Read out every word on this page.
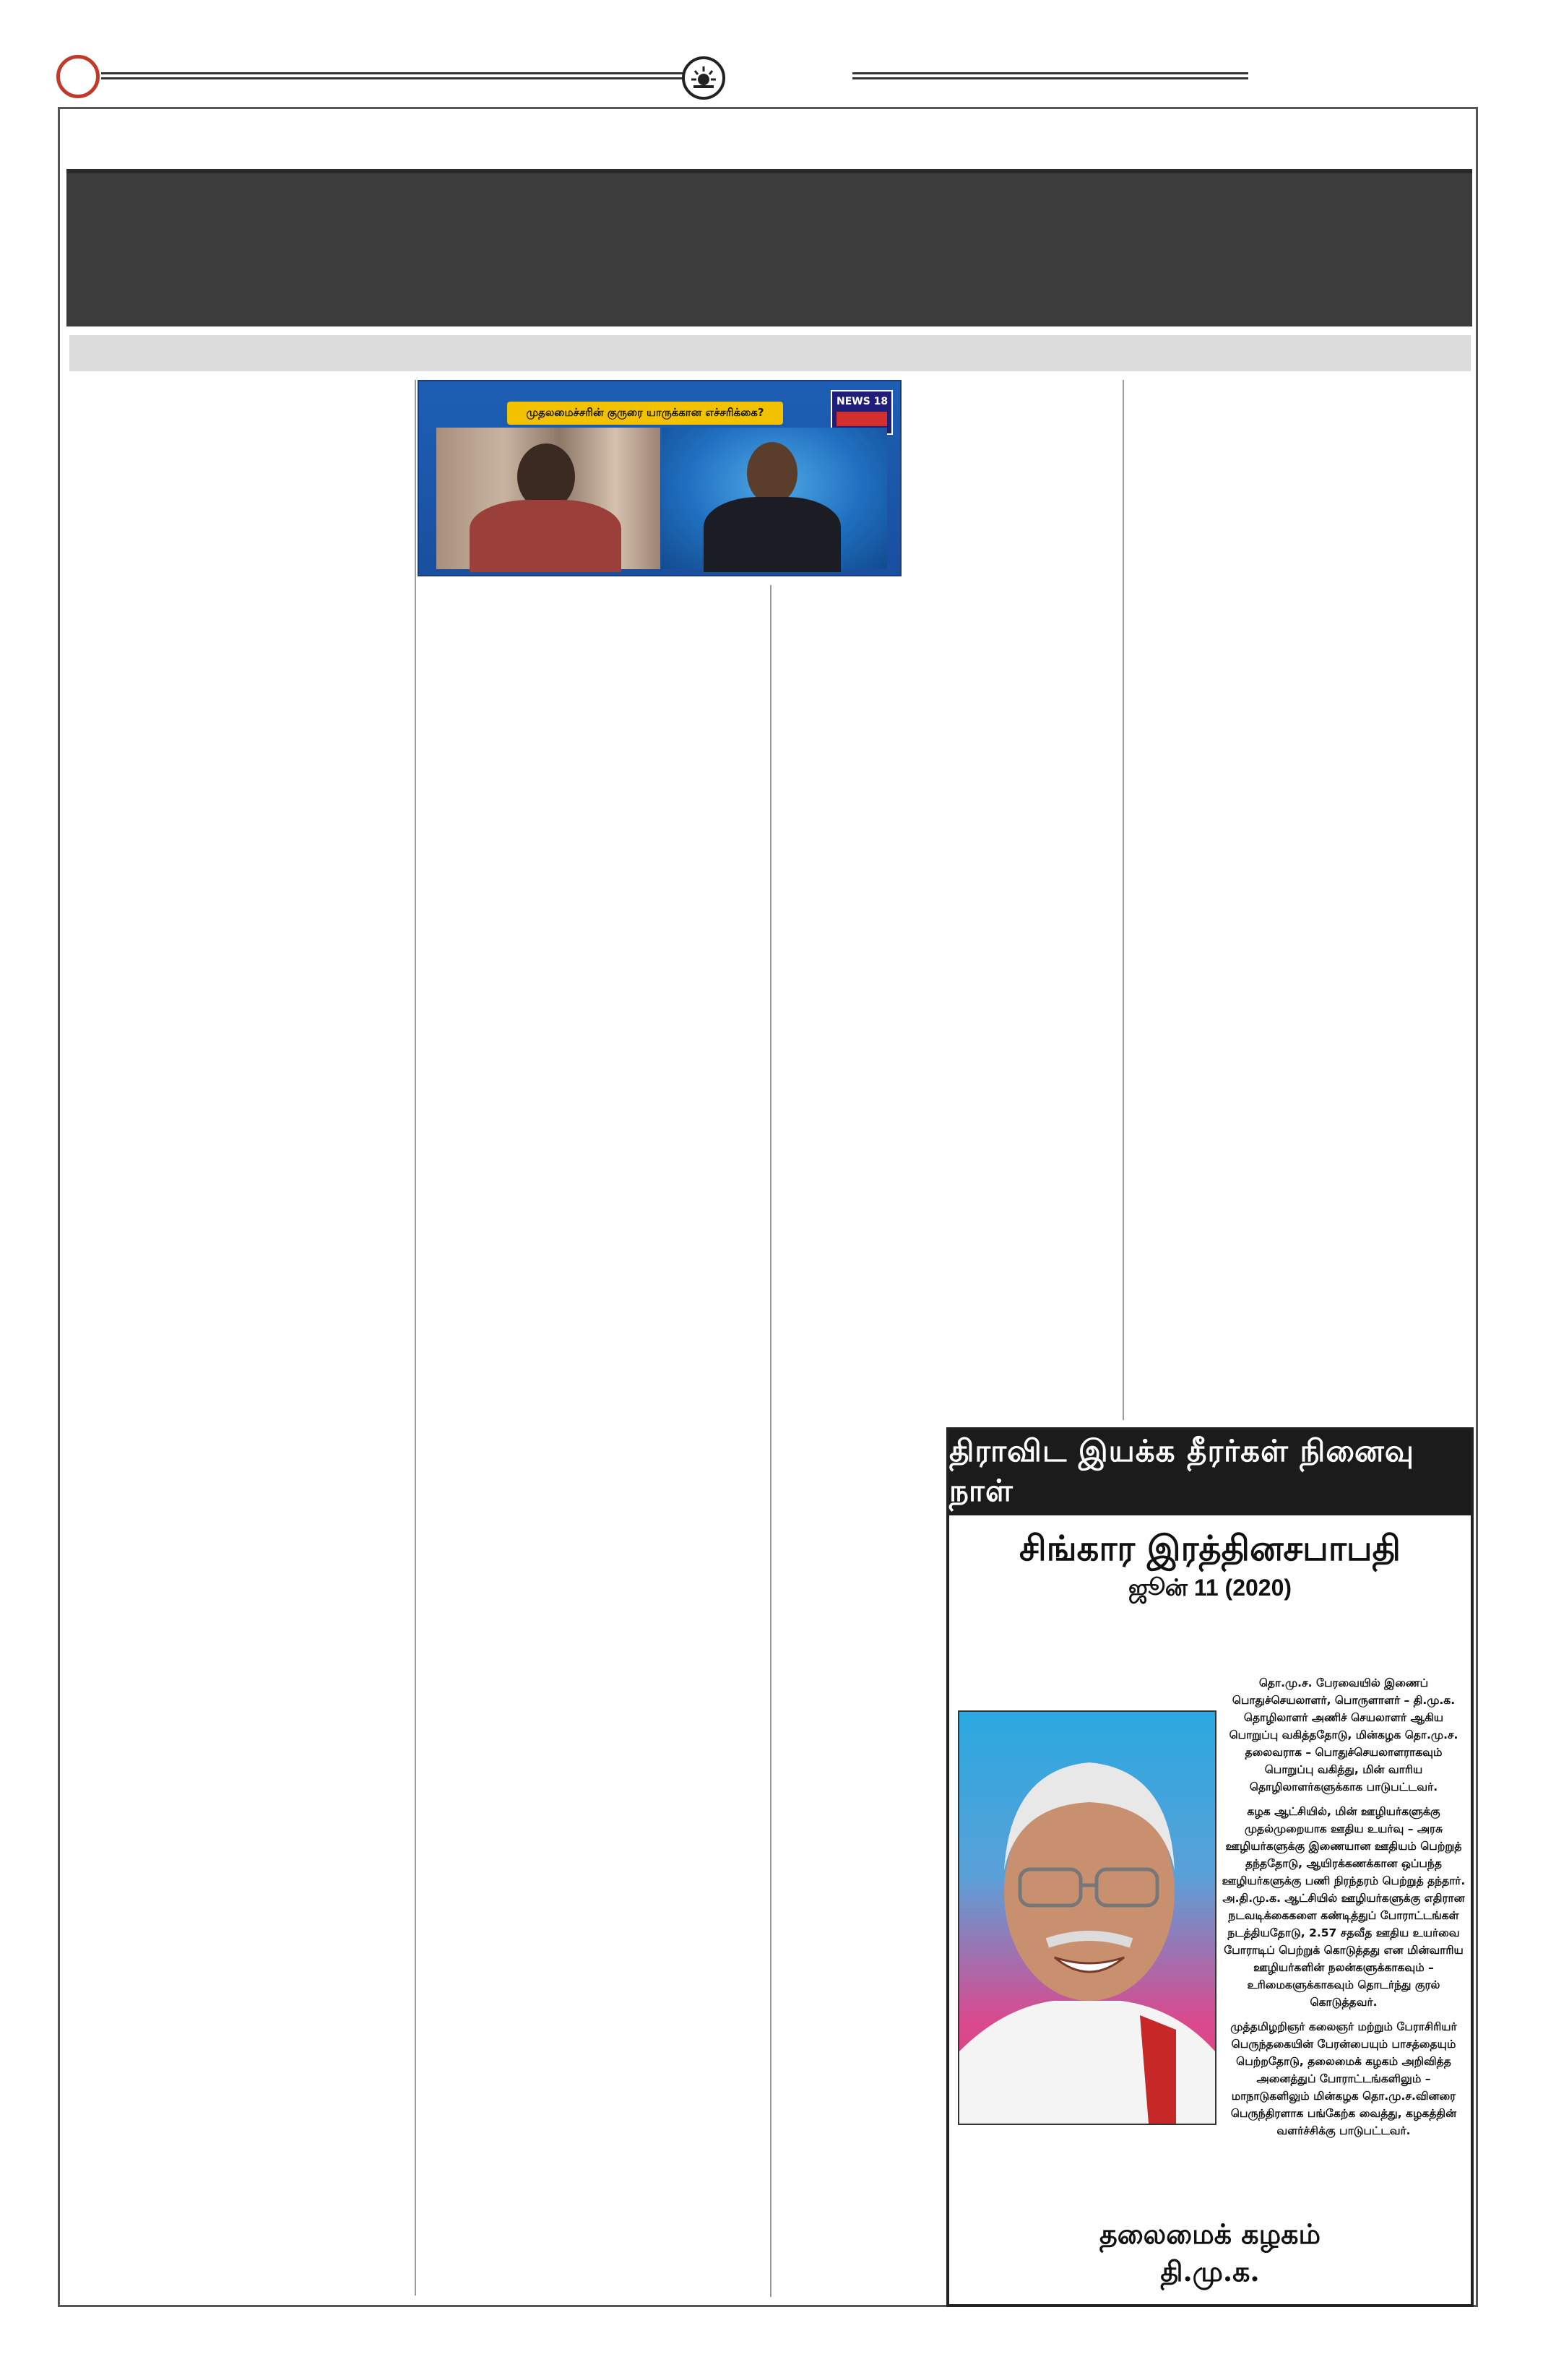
முதலமைச்சரின் குருரை யாருக்கான எச்சரிக்கை?
NEWS 18
திராவிட இயக்க தீரர்கள் நினைவு நாள்
சிங்கார இரத்தினசபாபதி
ஜூன் 11 (2020)

தொ.மு.ச. பேரவையில் இணைப் பொதுச்செயலாளர், பொருளாளர் – தி.மு.க. தொழிலாளர் அணிச் செயலாளர் ஆகிய பொறுப்பு வகித்ததோடு, மின்கழக தொ.மு.ச. தலைவராக – பொதுச்செயலாளராகவும் பொறுப்பு வகித்து, மின் வாரிய தொழிலாளர்களுக்காக பாடுபட்டவர்.

கழக ஆட்சியில், மின் ஊழியர்களுக்கு முதல்முறையாக ஊதிய உயர்வு – அரசு ஊழியர்களுக்கு இணையான ஊதியம் பெற்றுத் தந்ததோடு, ஆயிரக்கணக்கான ஒப்பந்த ஊழியர்களுக்கு பணி நிரந்தரம் பெற்றுத் தந்தார். அ.தி.மு.க. ஆட்சியில் ஊழியர்களுக்கு எதிரான நடவடிக்கைகளை கண்டித்துப் போராட்டங்கள் நடத்தியதோடு, 2.57 சதவீத ஊதிய உயர்வை போராடிப் பெற்றுக் கொடுத்தது என மின்வாரிய ஊழியர்களின் நலன்களுக்காகவும் – உரிமைகளுக்காகவும் தொடர்ந்து குரல் கொடுத்தவர்.

முத்தமிழறிஞர் கலைஞர் மற்றும் பேராசிரியர் பெருந்தகையின் பேரன்பையும் பாசத்தையும் பெற்றதோடு, தலைமைக் கழகம் அறிவித்த அனைத்துப் போராட்டங்களிலும் – மாநாடுகளிலும் மின்கழக தொ.மு.ச.வினரை பெருந்திரளாக பங்கேற்க வைத்து, கழகத்தின் வளர்ச்சிக்கு பாடுபட்டவர்.

தலைமைக் கழகம்
தி.மு.க.
